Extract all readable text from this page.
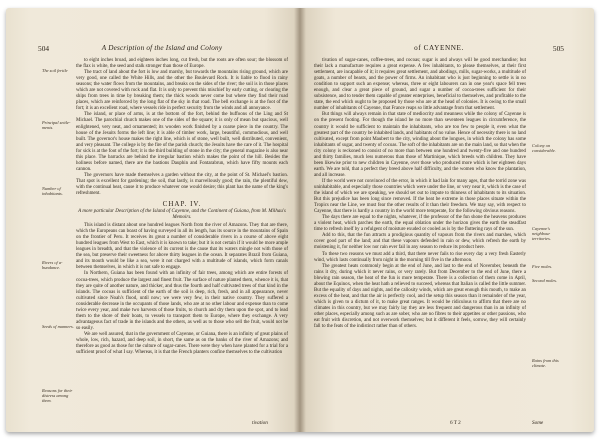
504	A Description of the Island and Colony
The soil fertile
Principal settle-ments.
Number of inhabitants.
Rivers of a-bundance.
Seeds of manners.
Reasons for their distress among them.

to eight inches broad, and eighteen inches long, cut fresh, but the roots are often sour; the blossom of the flax is white, the seed and stalk stronger than those of Europe.

The tract of land about the fort is low and marshy, but towards the mountains rising ground, which are very good, one called the White Hills, and the other the Boulevard Rock. It is liable to flood in rainy seasons; the water flows from the mountains, and breaks on the sides of the river; the soil is in those places which are not covered with rock and flat. It is only to prevent this mischief by early cutting, or clearing the ships from trees in time by breaking them; the thick woods never come but where they find their road places, which are reinforced by the long flat of the sky in that road. The bell exchange is at the foot of the fort; it is an excellent road, where vessels ride in perfect security from the winds and all annoyance.

The island, or place of arms, is at the bottom of the fort, behind the buffoons of the Ling and St Michael. The parochial church makes one of the sides of the square; it is only of mean but spacious, well enlightened, very neat, and ornamented; its wooden work finished by a coarse piece in the country. The house of the Jesuits forms the left line; it is able of timber work, large, beautiful, commodious, and well built. The governor's house makes the right line, which is of stone, well built, well distributed, convenient, and very pleasant. The college is by the fire of the parish church; the Jesuits have the care of it. The hospital for sick is at the foot of the fort; it is the third building of stone in the city; the general magazine is also near this place. The barracks are behind the irregular bastion which makes the point of the hill. Besides the holiness before named, there are the bastions Dauphin and Fontarabrun, which have fifty mounts each cannon.

The governors have made themselves a garden without the city, at the point of St. Michael's bastion. That spot is excellent for gardening; the soil, that lastly, is marvellously good; the rain, the plentiful dew, with the continual heat, cause it to produce whatever one would desire; this plant has the name of the king's refreshment.

CHAP. IV.
A more particular Description of the Island of Cayenne, and the Continent of Guiana, from M. Milhau's Memoirs.

This island is distant about one hundred leagues North from the river of Amazons. They that are there, which the Europeans can boast of having surveyed in all its length, has its source in the mountains of Spain on the frontier of Peru. It receives its great a number of considerable rivers in a course of above eight hundred leagues from West to East, which it is known to take; but it is not certain if it would be more ample leagues in breadth, and that the violence of its current is the cause that its waters mingle not with those of the sea, but preserve their sweetness for above thirty leagues in the ocean. It separates Brazil from Guiana, and its mouth would be like a sea, were it not charged with a multitude of islands, which form canals between themselves, in which it is not safe to engage.

In Northern, Guiana has been found with an infinity of fair trees, among which are entire forests of cocoa-trees, which produce the largest and finest fruit. The surface of nature planted them, whence it is, that they are quite of another nature, and thicker, and thus the fourth and half cultivated trees of that kind in the islands. The cocoas is sufficient of the earth of the soil is deep, rich, fresh, and in all appearance, never cultivated since Noah's flood, until now; we were very few, in their native country. They suffered a considerable decrease in the occupants of those lands, who are at no other labour and expense than to come twice every year, and make two harvests of those fruits, to church and dry them upon the spot, and to lead them to the shore of their boats, to vessels to transport them to Europe, where they exchange. A very advantageous fact of trade in the islands and the others, as well as to those who sell the fruit, would not be so easily.

We are well assured, that in the government of Cayenne, or Guiana, there is an infinity of great plains of whole, low, rich, hazard, and deep soil, in short, the same as on the banks of the river of Amazons; and therefore as good as those for the culture of sugar-canes. There were they when have planted for a trial for a sufficient proof of what I say. Whereas, it is that the French planters confine themselves to the cultivation

tivation
of CAYENNE.	505

tivation of sugar-canes, coffee-trees, and cocoas; sugar is and always will be good merchandise; but their lack a manufacture requires a great expense. A few inhabitants, to please themselves, at their first settlement, are incapable of it; it requires great settlement, and abodings, mills, sugar-works, a multitude of goats, a number of beasts, and the power of firms. An inhabitant who is just beginning to settle is in no condition to support such an expense; whereas, three or eight labourers can in one year's space fell trees enough, and clear a great piece of ground, and sugar a number of cocoa-trees sufficient for their subsistence, and to tender them capable of greater enterprises, beneficial to themselves, and profitable to the state, the end which ought to be proposed by those who are at the head of colonies. It is owing to the small number of inhabitants of Cayenne, that France reaps so little advantage from that settlement.

But things will always remain in that state of mediocrity and meanness while the colony of Cayenne is on the present footing. For though the island be no more than seventeen leagues in circumference, the country it would be sufficient to maintain the inhabitants, who are too few to people it, even what the greatest part of the country be inhabited lands, and habitants of no value. Hence of necessity there is no land cultivated, except from point Maubert to the city, winding about the longues, in which the colony has some inhabitants of sugar, and twenty of cocoas. The soft of the inhabitants are on the main land, so that when the city colony is reckoned to consist of no more than between one hundred and twenty-five and one hundred and thirty families, much less numerous than those of Martinique, which breeds with children. They have been likewise prior to new children in Cayenne, over those who produced more which is her eighteen days earth. We are told, that a perfect they breed above half difficulty, and the women who know the plantation, and all increase.

If the world were not convinced of the error, in which it had lain for many ages, that the torrid zone was uninhabitable, and especially those countries which were under the line, or very near it, which is the case of the island of which we are speaking, we should set out to impute to thinness of inhabitants to its situation. But this prejudice has been long since removed. If the heat be extreme in those places situate within the Tropics near the Line, we must fear the other results of it than their freedom. We may say, with respect to Cayenne, that there is hardly a country in the world more temperate, for the following obvious reasons.

The days there are equal to the nights, whatever, if the professor of the fun shone the heavens produces a violent heat, which parches the earth, the equal oblation under the horizon gives the earth the steadfast time to refresh itself by a refulgent of moisture exuded or cooled as is by the fluttering rays of the sun.

Add to this, that the fun attracts a prodigious quantity of vapours from the rivers and marshes, which cover good part of the land; and that these vapours defended in rain or dew, which refresh the earth by moistening it, for neither low nor rain ever fail in any season to reduce its product here.

To these two reasons we must add a third, that there never fails to rise every day a very fresh Easterly wind, which lasts continually from night in the morning till five in the afternoon.

The greatest heats commonly begin at the end of June, and last to the end of November, beneath the rains it dry, during which it never rains, or very rarely. But from December to the end of June, there a blowing rain season, the heat of the fun is more temperate. There is a collection of them come in April, about the Equinox, when the heat hath a relieved to succeed, whereas that Italian is called the little summer. But the equality of days and nights, and the callosity winds, which are great enough this mouth, to make an excess of the heat, and that the air is perfectly cool, and the setup this season than it remainder of the year, which is given to a dictum of it, to make great ranges. It would be ridiculous to affirm that there are no climates in this country, but we may fairly lay they are less frequent and dangerous than in an infinity of other places, especially among such as are sober, who are no fibres to their appetites or other passions, who eat fruit with discretion, and not overwork themselves; but it different it feels, sorrow, they will certainly fall to the feats of the indistinct rather than of others.

Colony on considerable.
Cayenne's neighbour territories.
Five moles.
Second moles.
Rains from this climate.
6 T 2	Some
